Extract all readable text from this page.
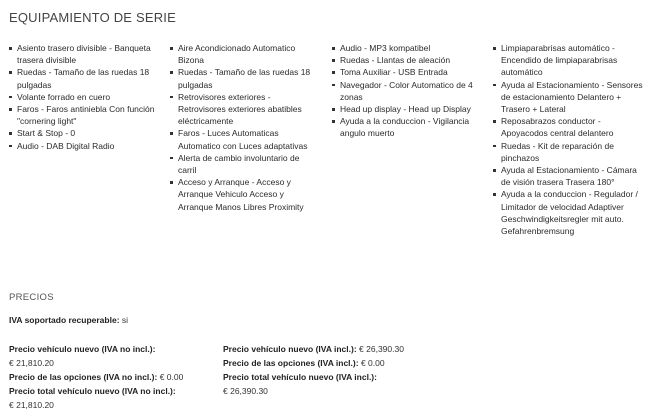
EQUIPAMIENTO DE SERIE
Asiento trasero divisible - Banqueta trasera divisible
Ruedas - Tamaño de las ruedas 18 pulgadas
Volante forrado en cuero
Faros - Faros antiniebla Con función "cornering light"
Start & Stop - 0
Audio - DAB Digital Radio
Aire Acondicionado Automatico Bizona
Ruedas - Tamaño de las ruedas 18 pulgadas
Retrovisores exteriores - Retrovisores exteriores abatibles eléctricamente
Faros - Luces Automaticas Automatico con Luces adaptativas
Alerta de cambio involuntario de carril
Acceso y Arranque - Acceso y Arranque Vehiculo Acceso y Arranque Manos Libres Proximity
Audio - MP3 kompatibel
Ruedas - Llantas de aleación
Toma Auxiliar - USB Entrada
Navegador - Color Automatico de 4 zonas
Head up display - Head up Display
Ayuda a la conduccion - Vigilancia angulo muerto
Limpiaparabrisas automático - Encendido de limpiaparabrisas automático
Ayuda al Estacionamiento - Sensores de estacionamiento Delantero + Trasero + Lateral
Reposabrazos conductor - Apoyacodos central delantero
Ruedas - Kit de reparación de pinchazos
Ayuda al Estacionamiento - Cámara de visión trasera Trasera 180°
Ayuda a la conduccion - Regulador / Limitador de velocidad Adaptiver Geschwindigkeitsregler mit auto. Gefahrenbremsung
PRECIOS
IVA soportado recuperable: si
Precio vehículo nuevo (IVA no incl.):
€ 21,810.20
Precio de las opciones (IVA no incl.): € 0.00
Precio total vehículo nuevo (IVA no incl.):
€ 21,810.20
Precio vehículo nuevo (IVA incl.): € 26,390.30
Precio de las opciones (IVA incl.): € 0.00
Precio total vehículo nuevo (IVA incl.):
€ 26,390.30
